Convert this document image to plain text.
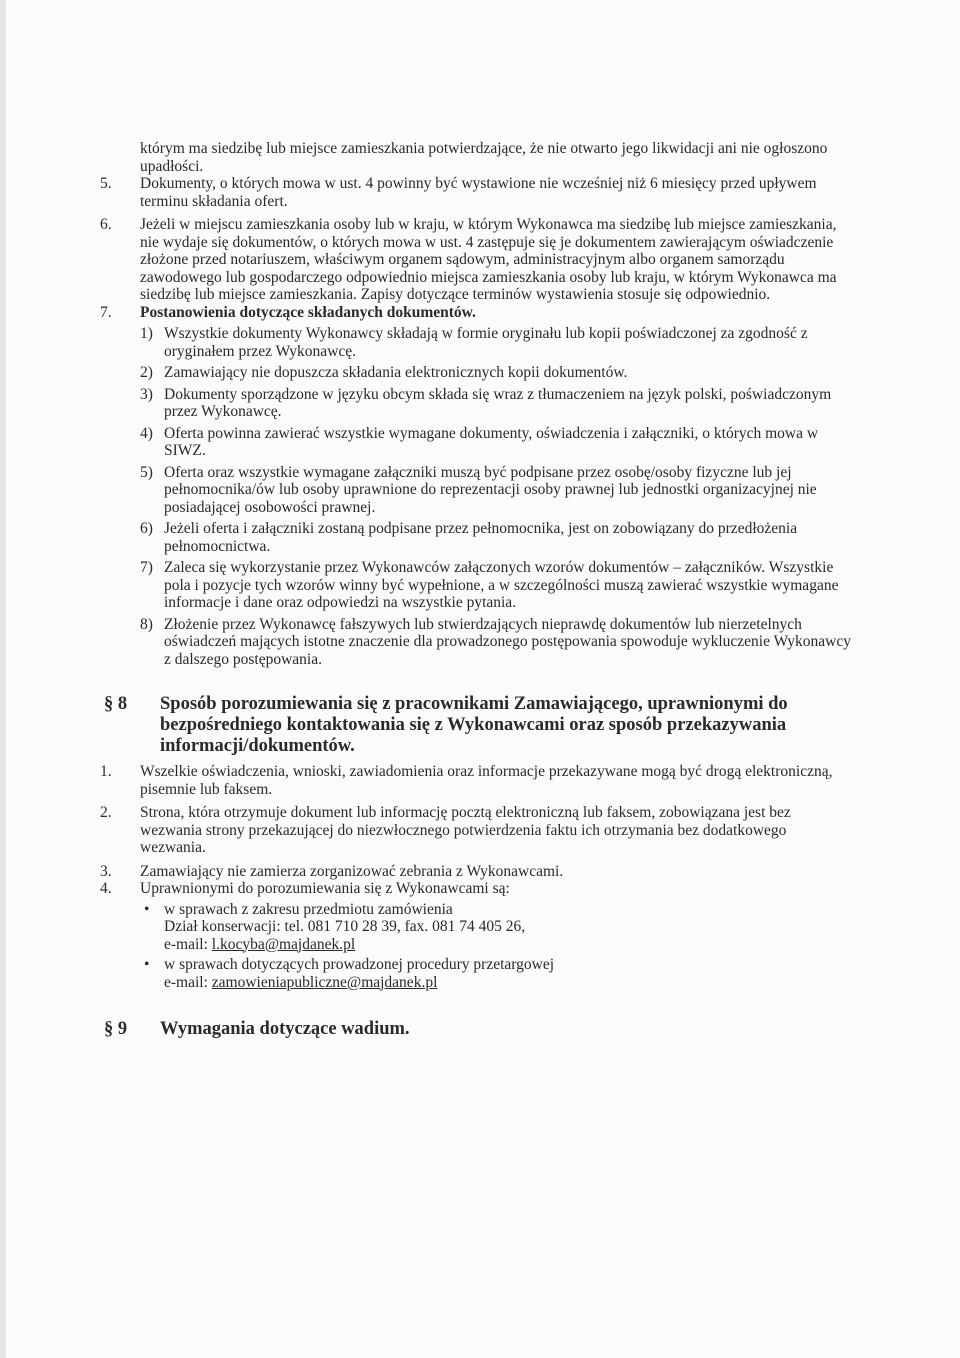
którym ma siedzibę lub miejsce zamieszkania potwierdzające, że nie otwarto jego likwidacji ani nie ogłoszono upadłości.
5. Dokumenty, o których mowa w ust. 4 powinny być wystawione nie wcześniej niż 6 miesięcy przed upływem terminu składania ofert.
6. Jeżeli w miejscu zamieszkania osoby lub w kraju, w którym Wykonawca ma siedzibę lub miejsce zamieszkania, nie wydaje się dokumentów, o których mowa w ust. 4 zastępuje się je dokumentem zawierającym oświadczenie złożone przed notariuszem, właściwym organem sądowym, administracyjnym albo organem samorządu zawodowego lub gospodarczego odpowiednio miejsca zamieszkania osoby lub kraju, w którym Wykonawca ma siedzibę lub miejsce zamieszkania. Zapisy dotyczące terminów wystawienia stosuje się odpowiednio.
7. Postanowienia dotyczące składanych dokumentów.
1) Wszystkie dokumenty Wykonawcy składają w formie oryginału lub kopii poświadczonej za zgodność z oryginałem przez Wykonawcę.
2) Zamawiający nie dopuszcza składania elektronicznych kopii dokumentów.
3) Dokumenty sporządzone w języku obcym składa się wraz z tłumaczeniem na język polski, poświadczonym przez Wykonawcę.
4) Oferta powinna zawierać wszystkie wymagane dokumenty, oświadczenia i załączniki, o których mowa w SIWZ.
5) Oferta oraz wszystkie wymagane załączniki muszą być podpisane przez osobę/osoby fizyczne lub jej pełnomocnika/ów lub osoby uprawnione do reprezentacji osoby prawnej lub jednostki organizacyjnej nie posiadającej osobowości prawnej.
6) Jeżeli oferta i załączniki zostaną podpisane przez pełnomocnika, jest on zobowiązany do przedłożenia pełnomocnictwa.
7) Zaleca się wykorzystanie przez Wykonawców załączonych wzorów dokumentów – załączników. Wszystkie pola i pozycje tych wzorów winny być wypełnione, a w szczególności muszą zawierać wszystkie wymagane informacje i dane oraz odpowiedzi na wszystkie pytania.
8) Złożenie przez Wykonawcę fałszywych lub stwierdzających nieprawdę dokumentów lub nierzetelnych oświadczeń mających istotne znaczenie dla prowadzonego postępowania spowoduje wykluczenie Wykonawcy z dalszego postępowania.
§ 8 Sposób porozumiewania się z pracownikami Zamawiającego, uprawnionymi do bezpośredniego kontaktowania się z Wykonawcami oraz sposób przekazywania informacji/dokumentów.
1. Wszelkie oświadczenia, wnioski, zawiadomienia oraz informacje przekazywane mogą być drogą elektroniczną, pisemnie lub faksem.
2. Strona, która otrzymuje dokument lub informację pocztą elektroniczną lub faksem, zobowiązana jest bez wezwania strony przekazującej do niezwłocznego potwierdzenia faktu ich otrzymania bez dodatkowego wezwania.
3. Zamawiający nie zamierza zorganizować zebrania z Wykonawcami.
4. Uprawnionymi do porozumiewania się z Wykonawcami są:
• w sprawach z zakresu przedmiotu zamówienia
Dział konserwacji: tel. 081 710 28 39, fax. 081 74 405 26,
e-mail: l.kocyba@majdanek.pl
• w sprawach dotyczących prowadzonej procedury przetargowej
e-mail: zamowieniapubliczne@majdanek.pl
§ 9 Wymagania dotyczące wadium.
